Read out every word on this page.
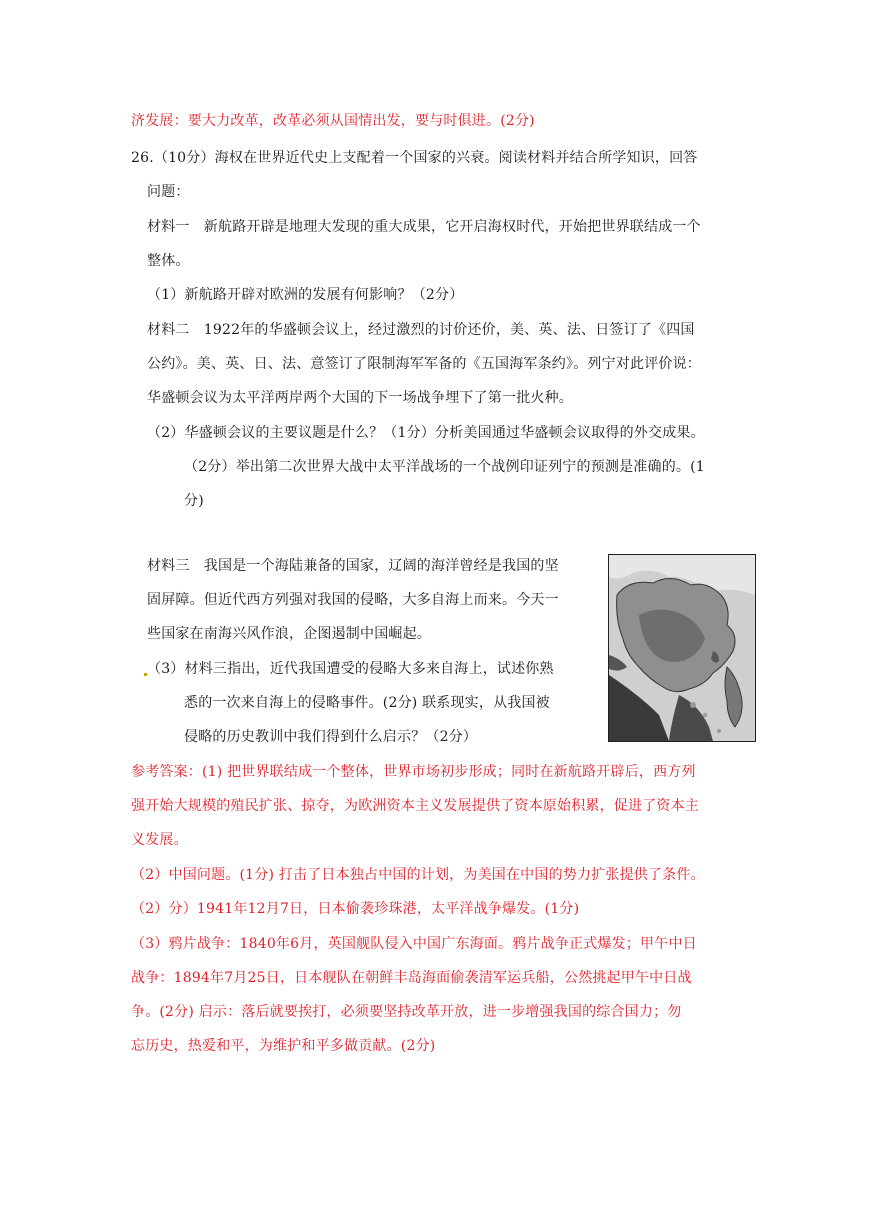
济发展：要大力改革，改革必须从国情出发，要与时俱进。(2分)
26.（10分）海权在世界近代史上支配着一个国家的兴衰。阅读材料并结合所学知识，回答
问题：
材料一　新航路开辟是地理大发现的重大成果，它开启海权时代，开始把世界联结成一个
整体。
（1）新航路开辟对欧洲的发展有何影响？（2分）
材料二　1922年的华盛顿会议上，经过激烈的讨价还价，美、英、法、日签订了《四国
公约》。美、英、日、法、意签订了限制海军军备的《五国海军条约》。列宁对此评价说：
华盛顿会议为太平洋两岸两个大国的下一场战争埋下了第一批火种。
（2）华盛顿会议的主要议题是什么？（1分）分析美国通过华盛顿会议取得的外交成果。
（2分）举出第二次世界大战中太平洋战场的一个战例印证列宁的预测是准确的。(1
分)
材料三　我国是一个海陆兼备的国家，辽阔的海洋曾经是我国的坚
固屏障。但近代西方列强对我国的侵略，大多自海上而来。今天一
些国家在南海兴风作浪，企图遏制中国崛起。
（3）材料三指出，近代我国遭受的侵略大多来自海上，试述你熟
悉的一次来自海上的侵略事件。(2分) 联系现实，从我国被
侵略的历史教训中我们得到什么启示？（2分）
参考答案：(1) 把世界联结成一个整体，世界市场初步形成；同时在新航路开辟后，西方列
强开始大规模的殖民扩张、掠夺，为欧洲资本主义发展提供了资本原始积累，促进了资本主
义发展。
（2）中国问题。(1分) 打击了日本独占中国的计划，为美国在中国的势力扩张提供了条件。
（2）分）1941年12月7日，日本偷袭珍珠港，太平洋战争爆发。(1分)
（3）鸦片战争：1840年6月，英国舰队侵入中国广东海面。鸦片战争正式爆发；甲午中日
战争：1894年7月25日，日本舰队在朝鲜丰岛海面偷袭清军运兵船，公然挑起甲午中日战
争。(2分) 启示：落后就要挨打，必须要坚持改革开放，进一步增强我国的综合国力；勿
忘历史，热爱和平，为维护和平多做贡献。(2分)
